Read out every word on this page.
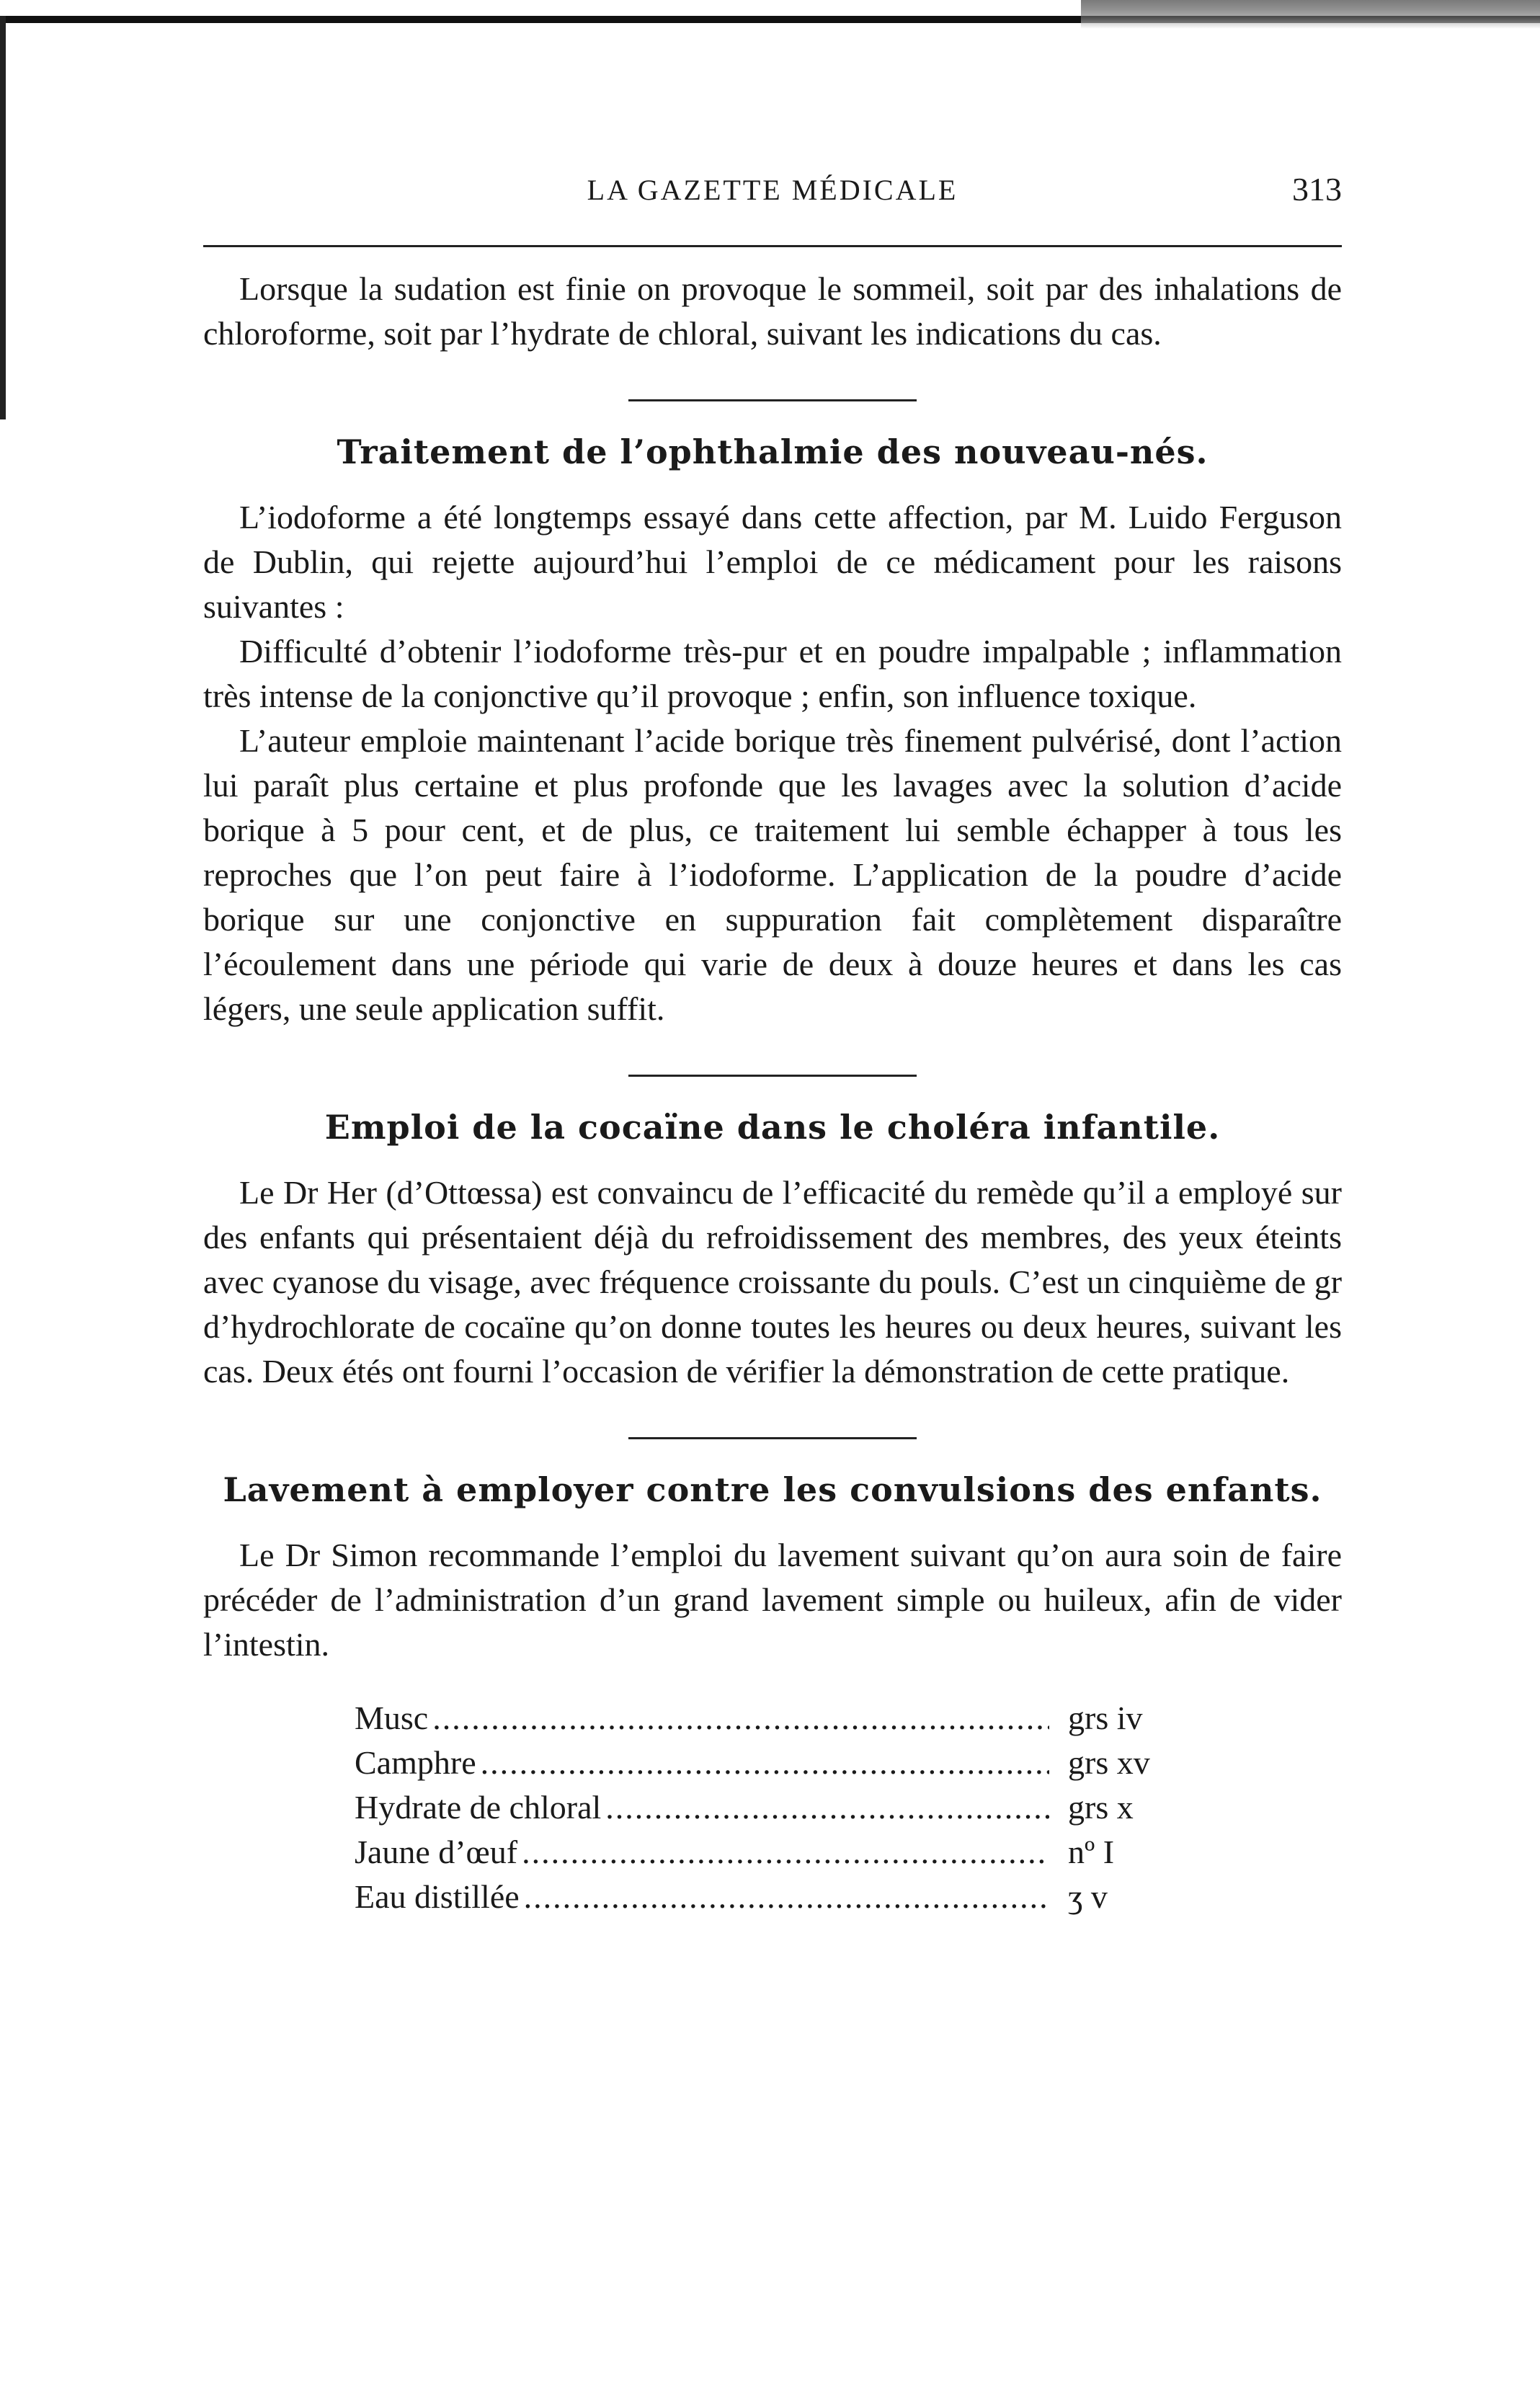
LA GAZETTE MÉDICALE	313

Lorsque la sudation est finie on provoque le sommeil, soit par des inhalations de chloroforme, soit par l’hydrate de chloral, suivant les indications du cas.

Traitement de l’ophthalmie des nouveau-nés.

L’iodoforme a été longtemps essayé dans cette affection, par M. Luido Ferguson de Dublin, qui rejette aujourd’hui l’emploi de ce médicament pour les raisons suivantes :

Difficulté d’obtenir l’iodoforme très-pur et en poudre impalpable ; inflammation très intense de la conjonctive qu’il provoque ; enfin, son influence toxique.

L’auteur emploie maintenant l’acide borique très finement pulvérisé, dont l’action lui paraît plus certaine et plus profonde que les lavages avec la solution d’acide borique à 5 pour cent, et de plus, ce traitement lui semble échapper à tous les reproches que l’on peut faire à l’iodoforme. L’application de la poudre d’acide borique sur une conjonctive en suppuration fait complètement disparaître l’écoulement dans une période qui varie de deux à douze heures et dans les cas légers, une seule application suffit.

Emploi de la cocaïne dans le choléra infantile.

Le Dr Her (d’Ottœssa) est convaincu de l’efficacité du remède qu’il a employé sur des enfants qui présentaient déjà du refroidissement des membres, des yeux éteints avec cyanose du visage, avec fréquence croissante du pouls. C’est un cinquième de gr d’hydrochlorate de cocaïne qu’on donne toutes les heures ou deux heures, suivant les cas. Deux étés ont fourni l’occasion de vérifier la démonstration de cette pratique.

Lavement à employer contre les convulsions des enfants.

Le Dr Simon recommande l’emploi du lavement suivant qu’on aura soin de faire précéder de l’administration d’un grand lavement simple ou huileux, afin de vider l’intestin.

Musc .....	grs iv
Camphre .....	grs xv
Hydrate de chloral .....	grs x
Jaune d’œuf .....	nº I
Eau distillée .....	ʒ v
